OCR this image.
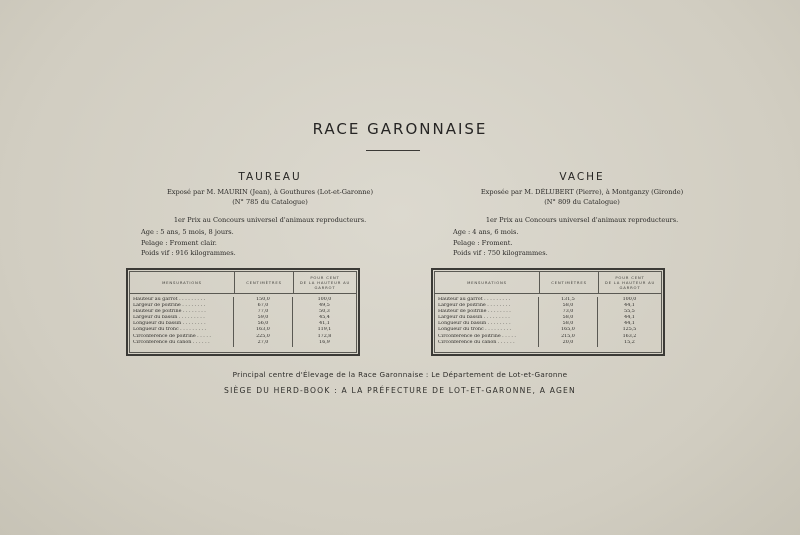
RACE GARONNAISE
TAUREAU
Exposé par M. MAURIN (Jean), à Gouthures (Lot-et-Garonne)
(N° 785 du Catalogue)
1er Prix au Concours universel d'animaux reproducteurs.
Age : 5 ans, 5 mois, 8 jours.
Pelage : Froment clair.
Poids vif : 916 kilogrammes.
VACHE
Exposée par M. DÉLUBERT (Pierre), à Montganzy (Gironde)
(N° 809 du Catalogue)
1er Prix au Concours universel d'animaux reproducteurs.
Age : 4 ans, 6 mois.
Pelage : Froment.
Poids vif : 750 kilogrammes.
MENSURATIONS	CENTIMÈTRES
POUR CENT
DE LA HAUTEUR AU GARROT
Hauteur au garrot . . . . . . . . .
Largeur de poitrine . . . . . . . .
Hauteur de poitrine . . . . . . . .
Largeur du bassin . . . . . . . . .
Longueur du bassin . . . . . . . .
Longueur du tronc . . . . . . . . .
Circonférence de poitrine . . . . .
Circonférence du canon . . . . . .
150,0
67,0
77,0
59,0
56,0
163,0
225,0
27,0
100,0
49,5
50,3
45,4
41,1
119,1
172,8
16,9
MENSURATIONS	CENTIMÈTRES
POUR CENT
DE LA HAUTEUR AU GARROT
Hauteur au garrot . . . . . . . . .
Largeur de poitrine . . . . . . . .
Hauteur de poitrine . . . . . . . .
Largeur du bassin . . . . . . . . .
Longueur du bassin . . . . . . . .
Longueur du tronc . . . . . . . . .
Circonférence de poitrine . . . . .
Circonférence du canon . . . . . .
131,5
58,0
73,0
58,0
58,0
165,0
215,0
20,0
100,0
44,1
55,5
44,1
44,1
125,5
163,2
15,2
Principal centre d'Élevage de la Race Garonnaise : Le Département de Lot-et-Garonne
SIÈGE DU HERD-BOOK : A LA PRÉFECTURE DE LOT-ET-GARONNE, A AGEN
